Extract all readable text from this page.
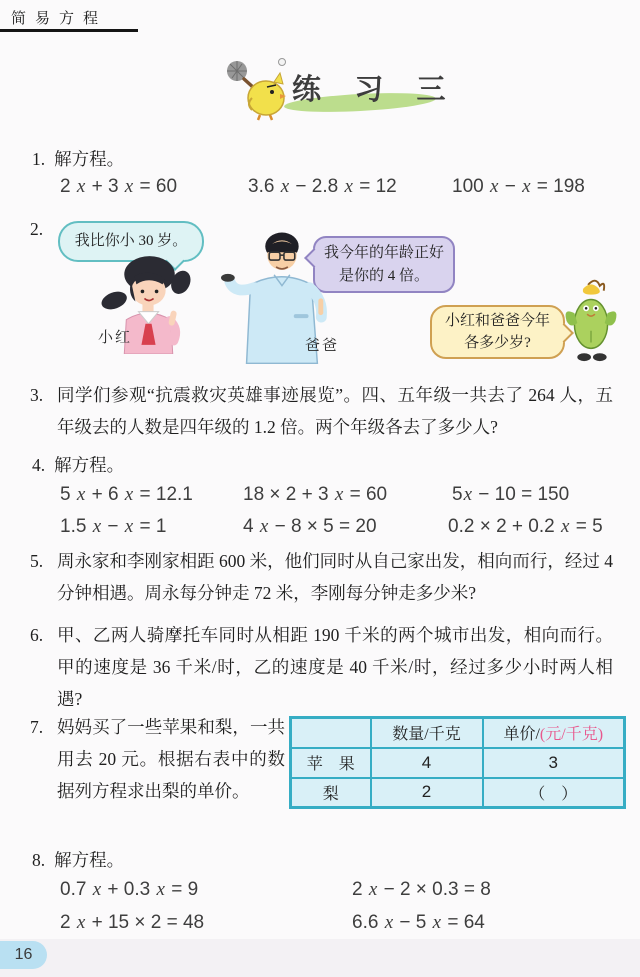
简易方程
练 习 三
1. 解方程。
2 x + 3 x = 60	3.6 x − 2.8 x = 12	100 x − x = 198
2.
我比你小 30 岁。
我今年的年龄正好是你的 4 倍。
小红和爸爸今年各多少岁?
小红	爸爸
3. 同学们参观“抗震救灾英雄事迹展览”。四、五年级一共去了 264 人，五年级去的人数是四年级的 1.2 倍。两个年级各去了多少人?
4. 解方程。
5 x + 6 x = 12.1	18 × 2 + 3 x = 60	5x − 10 = 150
1.5 x − x = 1	4 x − 8 × 5 = 20	0.2 × 2 + 0.2 x = 5
5. 周永家和李刚家相距 600 米，他们同时从自己家出发，相向而行，经过 4 分钟相遇。周永每分钟走 72 米，李刚每分钟走多少米?
6. 甲、乙两人骑摩托车同时从相距 190 千米的两个城市出发，相向而行。甲的速度是 36 千米/时，乙的速度是 40 千米/时，经过多少小时两人相遇?
7. 妈妈买了一些苹果和梨，一共用去 20 元。根据右表中的数据列方程求出梨的单价。
	数量/千克	单价/(元/千克)
苹　果	4	3
梨	2	（　）
8. 解方程。
0.7 x + 0.3 x = 9	2 x − 2 × 0.3 = 8
2 x + 15 × 2 = 48	6.6 x − 5 x = 64
16
